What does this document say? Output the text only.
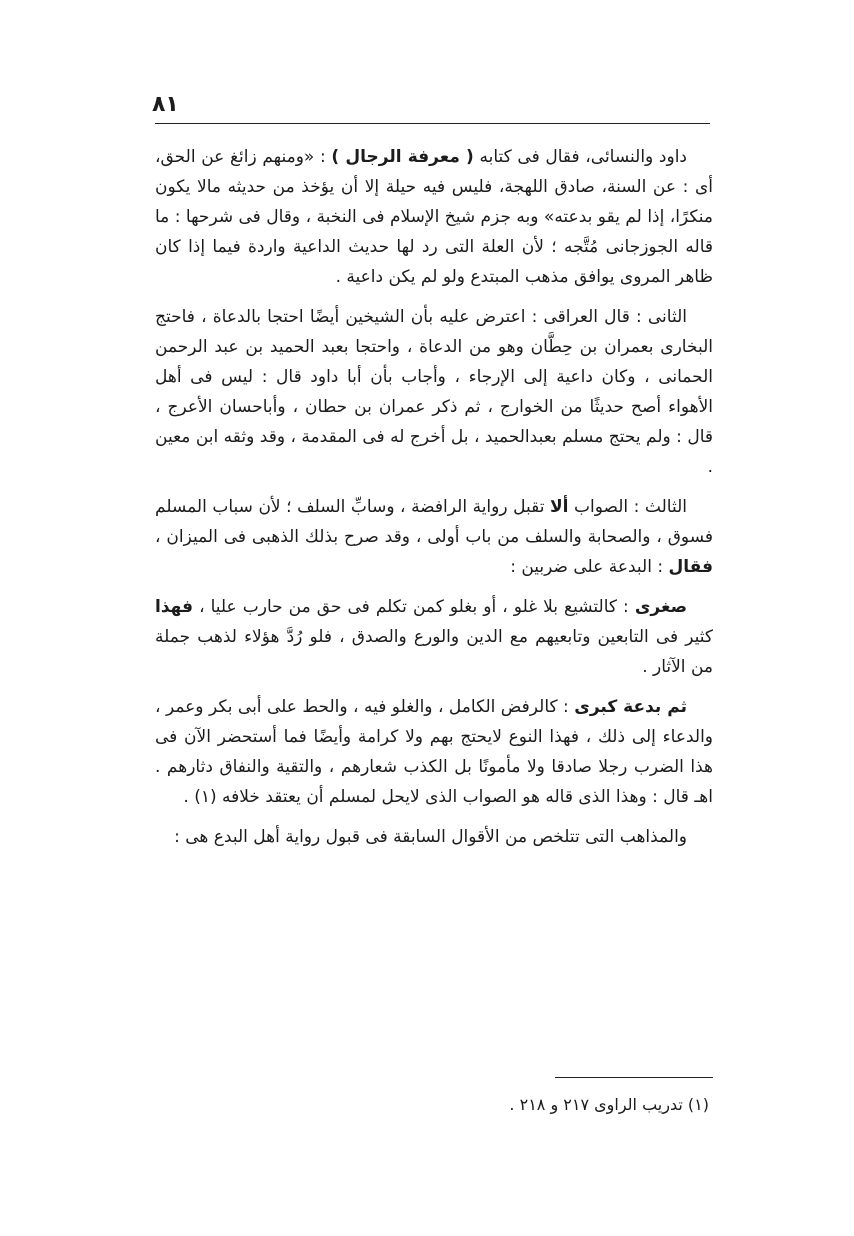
٨١

داود والنسائى، فقال فى كتابه ( معرفة الرجال ) : «ومنهم زائغ عن الحق، أى : عن السنة، صادق اللهجة، فليس فيه حيلة إلا أن يؤخذ من حديثه مالا يكون منكرًا، إذا لم يقو بدعته» وبه جزم شيخ الإسلام فى النخبة ، وقال فى شرحها : ما قاله الجوزجانى مُتَّجه ؛ لأن العلة التى رد لها حديث الداعية واردة فيما إذا كان ظاهر المروى يوافق مذهب المبتدع ولو لم يكن داعية .

الثانى : قال العراقى : اعترض عليه بأن الشيخين أيضًا احتجا بالدعاة ، فاحتج البخارى بعمران بن حِطَّان وهو من الدعاة ، واحتجا بعبد الحميد بن عبد الرحمن الحمانى ، وكان داعية إلى الإرجاء ، وأجاب بأن أبا داود قال : ليس فى أهل الأهواء أصح حديثًا من الخوارج ، ثم ذكر عمران بن حطان ، وأباحسان الأعرج ، قال : ولم يحتج مسلم بعبدالحميد ، بل أخرج له فى المقدمة ، وقد وثقه ابن معين .

الثالث : الصواب ألا تقبل رواية الرافضة ، وسابِّ السلف ؛ لأن سباب المسلم فسوق ، والصحابة والسلف من باب أولى ، وقد صرح بذلك الذهبى فى الميزان ، فقال : البدعة على ضربين :

صغرى : كالتشيع بلا غلو ، أو بغلو كمن تكلم فى حق من حارب عليا ، فهذا كثير فى التابعين وتابعيهم مع الدين والورع والصدق ، فلو رُدَّ هؤلاء لذهب جملة من الآثار .

ثم بدعة كبرى : كالرفض الكامل ، والغلو فيه ، والحط على أبى بكر وعمر ، والدعاء إلى ذلك ، فهذا النوع لايحتج بهم ولا كرامة وأيضًا فما أستحضر الآن فى هذا الضرب رجلا صادقا ولا مأمونًا بل الكذب شعارهم ، والتقية والنفاق دثارهم . اهـ قال : وهذا الذى قاله هو الصواب الذى لايحل لمسلم أن يعتقد خلافه (١) .

والمذاهب التى تتلخص من الأقوال السابقة فى قبول رواية أهل البدع هى :

(١) تدريب الراوى ٢١٧ و ٢١٨ .
